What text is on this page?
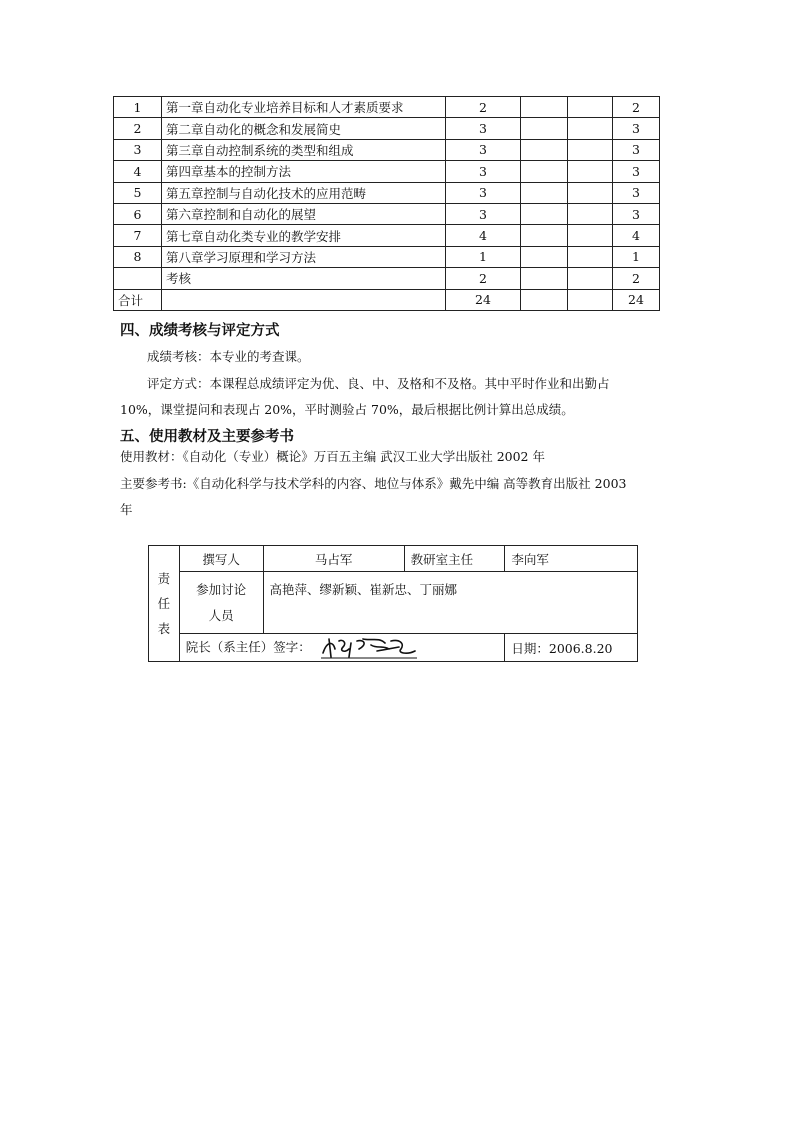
1	第一章自动化专业培养目标和人才素质要求	2			2
2	第二章自动化的概念和发展简史	3			3
3	第三章自动控制系统的类型和组成	3			3
4	第四章基本的控制方法	3			3
5	第五章控制与自动化技术的应用范畴	3			3
6	第六章控制和自动化的展望	3			3
7	第七章自动化类专业的教学安排	4			4
8	第八章学习原理和学习方法	1			1
	考核	2			2
合计		24			24
四、成绩考核与评定方式
成绩考核：本专业的考查课。
评定方式：本课程总成绩评定为优、良、中、及格和不及格。其中平时作业和出勤占
10%，课堂提问和表现占 20%，平时测验占 70%，最后根据比例计算出总成绩。
五、使用教材及主要参考书
使用教材：《自动化（专业）概论》万百五主编 武汉工业大学出版社 2002 年
主要参考书:《自动化科学与技术学科的内容、地位与体系》戴先中编 高等教育出版社 2003
年
责任表	撰写人	马占军	教研室主任	李向军
	参加讨论人员	高艳萍、缪新颖、崔新忠、丁丽娜		
	院长（系主任）签字：			日期：2006.8.20
